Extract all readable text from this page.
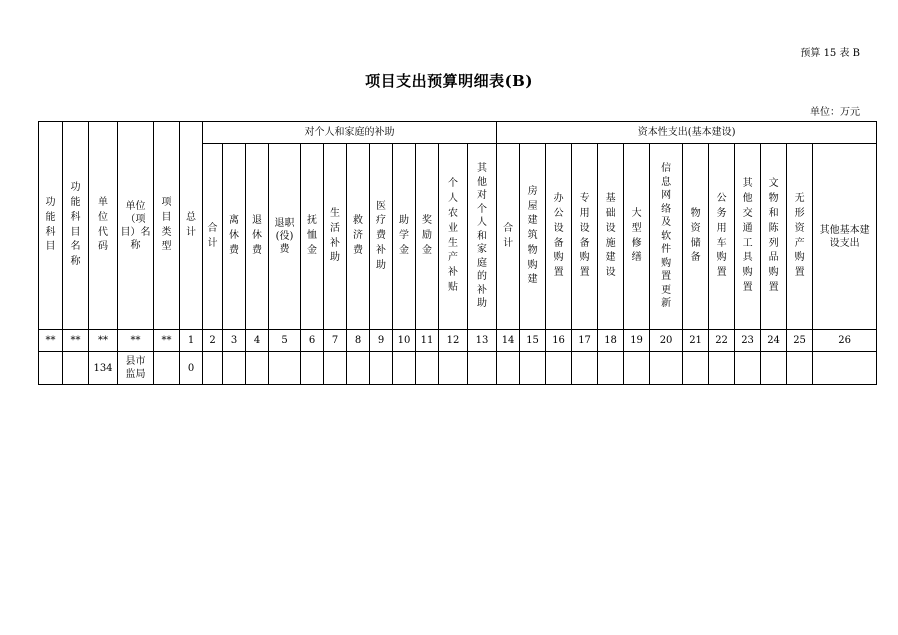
预算 15 表 B
项目支出预算明细表(B)
单位：万元
功能科目	功能科目名称	单位代码	单位（项目）名称	项目类型	总计	对个人和家庭的补助												资本性支出(基本建设)												
						合计	离休费	退休费	退职(役)费	抚恤金	生活补助	救济费	医疗费补助	助学金	奖励金	个人农业生产补贴	其他对个人和家庭的补助	合计	房屋建筑物购建	办公设备购置	专用设备购置	基础设施建设	大型修缮	信息网络及软件购置更新	物资储备	公务用车购置	其他交通工具购置	文物和陈列品购置	无形资产购置	其他基本建设支出
**	**	**	**	**	1	2	3	4	5	6	7	8	9	10	11	12	13	14	15	16	17	18	19	20	21	22	23	24	25	26
		134	县市监局		0																									
